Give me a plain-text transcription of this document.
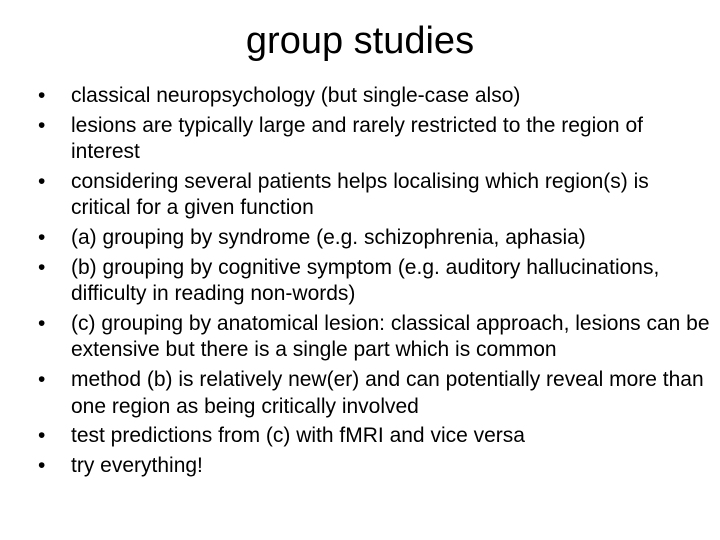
group studies
• classical neuropsychology (but single-case also)
• lesions are typically large and rarely restricted to the region of interest
• considering several patients helps localising which region(s) is critical for a given function
• (a) grouping by syndrome (e.g. schizophrenia, aphasia)
• (b) grouping by cognitive symptom (e.g. auditory hallucinations, difficulty in reading non-words)
• (c) grouping by anatomical lesion: classical approach, lesions can be extensive but there is a single part which is common
• method (b) is relatively new(er) and can potentially reveal more than one region as being critically involved
• test predictions from (c) with fMRI and vice versa
• try everything!
